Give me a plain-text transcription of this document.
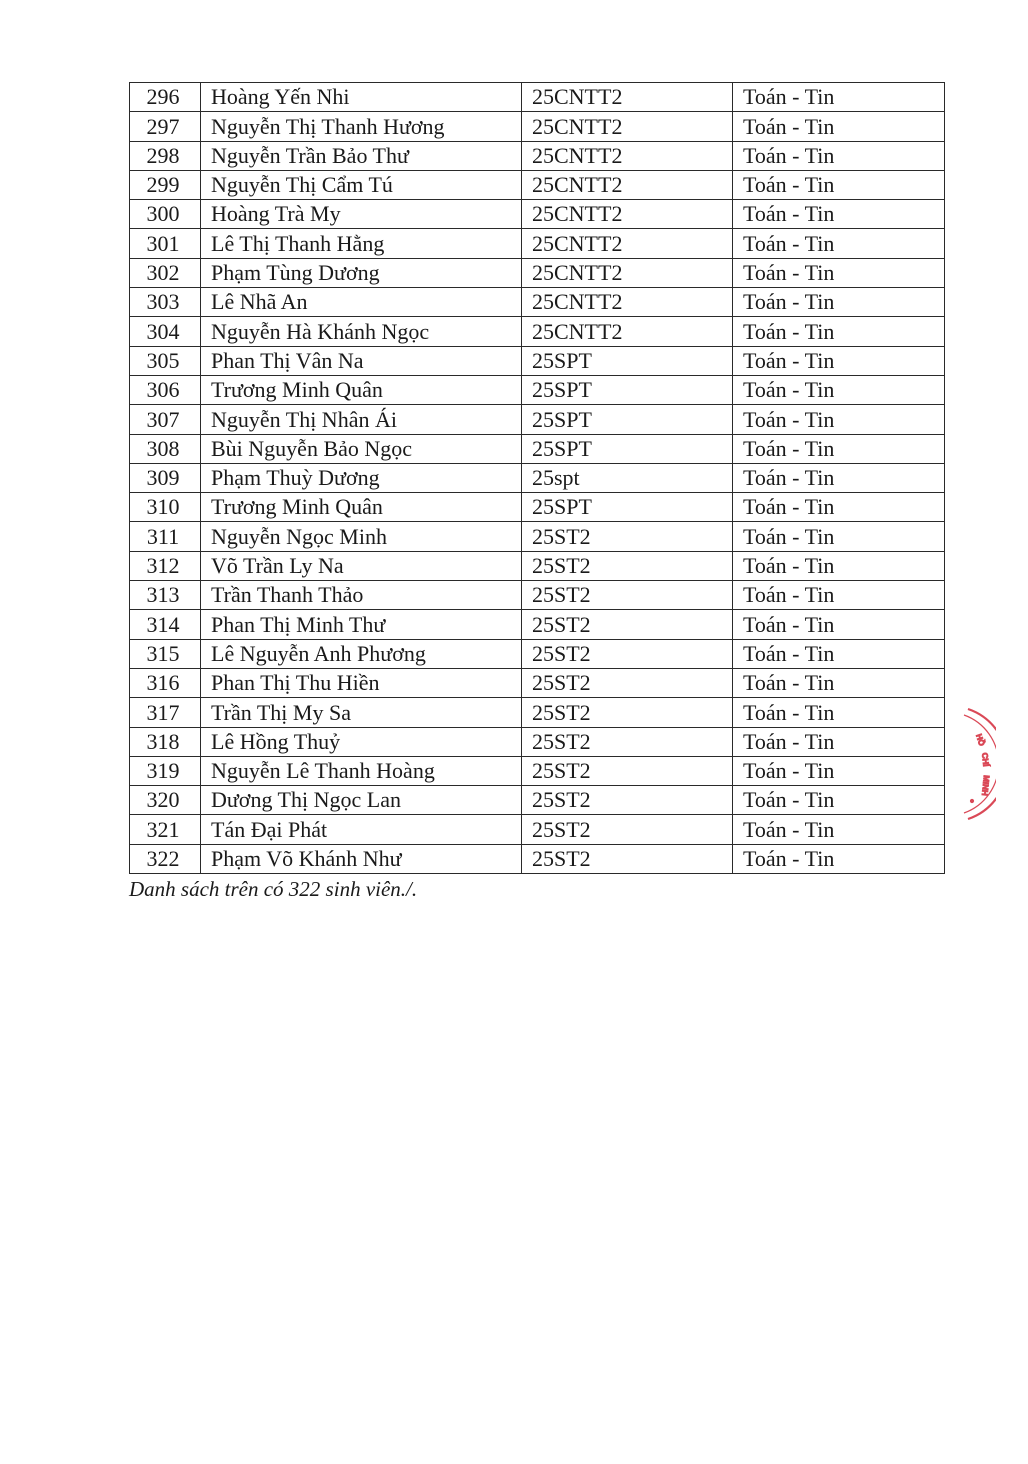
296	Hoàng Yến Nhi	25CNTT2	Toán - Tin
297	Nguyễn Thị Thanh Hương	25CNTT2	Toán - Tin
298	Nguyễn Trần Bảo Thư	25CNTT2	Toán - Tin
299	Nguyễn Thị Cẩm Tú	25CNTT2	Toán - Tin
300	Hoàng Trà My	25CNTT2	Toán - Tin
301	Lê Thị Thanh Hằng	25CNTT2	Toán - Tin
302	Phạm Tùng Dương	25CNTT2	Toán - Tin
303	Lê Nhã An	25CNTT2	Toán - Tin
304	Nguyễn Hà Khánh Ngọc	25CNTT2	Toán - Tin
305	Phan Thị Vân Na	25SPT	Toán - Tin
306	Trương Minh Quân	25SPT	Toán - Tin
307	Nguyễn Thị Nhân Ái	25SPT	Toán - Tin
308	Bùi Nguyễn Bảo Ngọc	25SPT	Toán - Tin
309	Phạm Thuỳ Dương	25spt	Toán - Tin
310	Trương Minh Quân	25SPT	Toán - Tin
311	Nguyễn Ngọc Minh	25ST2	Toán - Tin
312	Võ Trần Ly Na	25ST2	Toán - Tin
313	Trần Thanh Thảo	25ST2	Toán - Tin
314	Phan Thị Minh Thư	25ST2	Toán - Tin
315	Lê Nguyễn Anh Phương	25ST2	Toán - Tin
316	Phan Thị Thu Hiền	25ST2	Toán - Tin
317	Trần Thị My Sa	25ST2	Toán - Tin
318	Lê Hồng Thuỷ	25ST2	Toán - Tin
319	Nguyễn Lê Thanh Hoàng	25ST2	Toán - Tin
320	Dương Thị Ngọc Lan	25ST2	Toán - Tin
321	Tán Đại Phát	25ST2	Toán - Tin
322	Phạm Võ Khánh Như	25ST2	Toán - Tin
Danh sách trên có 322 sinh viên./.
HỒ
CHÍ
MINH
